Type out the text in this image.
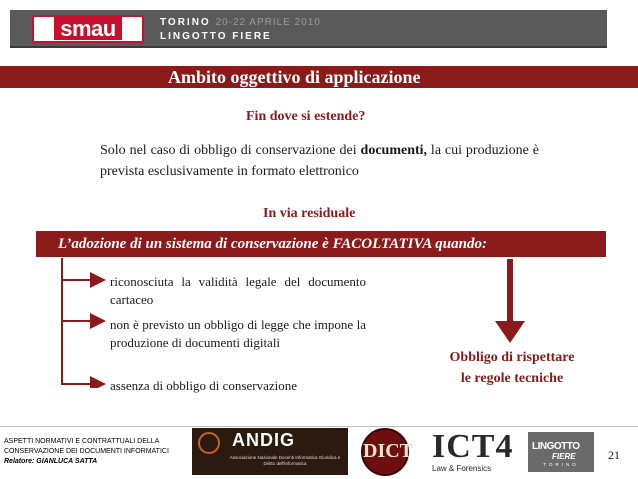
smau	TORINO 20-22 APRILE 2010
LINGOTTO FIERE
Ambito oggettivo di applicazione
Fin dove si estende?
Solo nel caso di obbligo di conservazione dei documenti, la cui produzione è prevista esclusivamente in formato elettronico
In via residuale
L’adozione di un sistema di conservazione è FACOLTATIVA quando:
riconosciuta la validità legale del documento cartaceo
non è previsto un obbligo di legge che impone la produzione di documenti digitali
assenza di obbligo di conservazione
Obbligo di rispettare
le regole tecniche
ASPETTI NORMATIVI E CONTRATTUALI DELLA
CONSERVAZIONE DEI DOCUMENTI INFORMATICI
Relatore: GIANLUCA SATTA
ANDIG
Associazione Nazionale Docenti Informatica Giuridica e Diritto dell'Informatica
DICT ICT4
Law & Forensics
LINGOTTO
FIERE
TORINO
21
